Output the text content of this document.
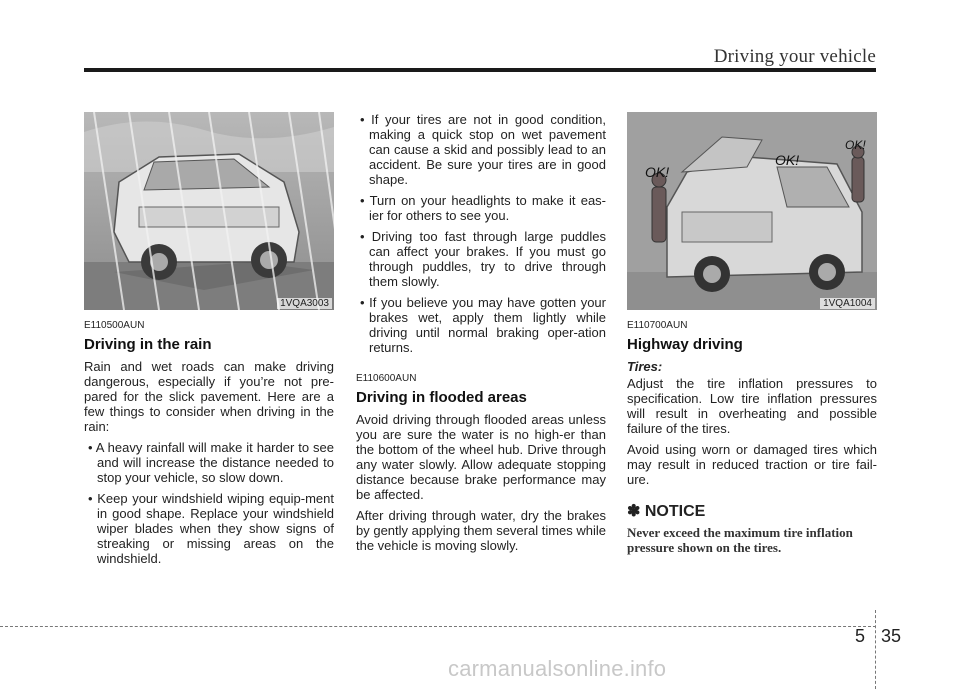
Driving your vehicle
1VQA3003
E110500AUN
Driving in the rain

Rain and wet roads can make driving dangerous, especially if you’re not pre-pared for the slick pavement. Here are a few things to consider when driving in the rain:

• A heavy rainfall will make it harder to see and will increase the distance needed to stop your vehicle, so slow down.
• Keep your windshield wiping equip-ment in good shape. Replace your windshield wiper blades when they show signs of streaking or missing areas on the windshield.
• If your tires are not in good condition, making a quick stop on wet pavement can cause a skid and possibly lead to an accident. Be sure your tires are in good shape.
• Turn on your headlights to make it eas-ier for others to see you.
• Driving too fast through large puddles can affect your brakes. If you must go through puddles, try to drive through them slowly.
• If you believe you may have gotten your brakes wet, apply them lightly while driving until normal braking oper-ation returns.
E110600AUN
Driving in flooded areas

Avoid driving through flooded areas unless you are sure the water is no high-er than the bottom of the wheel hub. Drive through any water slowly. Allow adequate stopping distance because brake performance may be affected.

After driving through water, dry the brakes by gently applying them several times while the vehicle is moving slowly.

OK!
OK!
OK!
1VQA1004
E110700AUN
Highway driving
Tires:

Adjust the tire inflation pressures to specification. Low tire inflation pressures will result in overheating and possible failure of the tires.

Avoid using worn or damaged tires which may result in reduced traction or tire fail-ure.

✽ NOTICE
Never exceed the maximum tire inflation pressure shown on the tires.
5 35
carmanualsonline.info
